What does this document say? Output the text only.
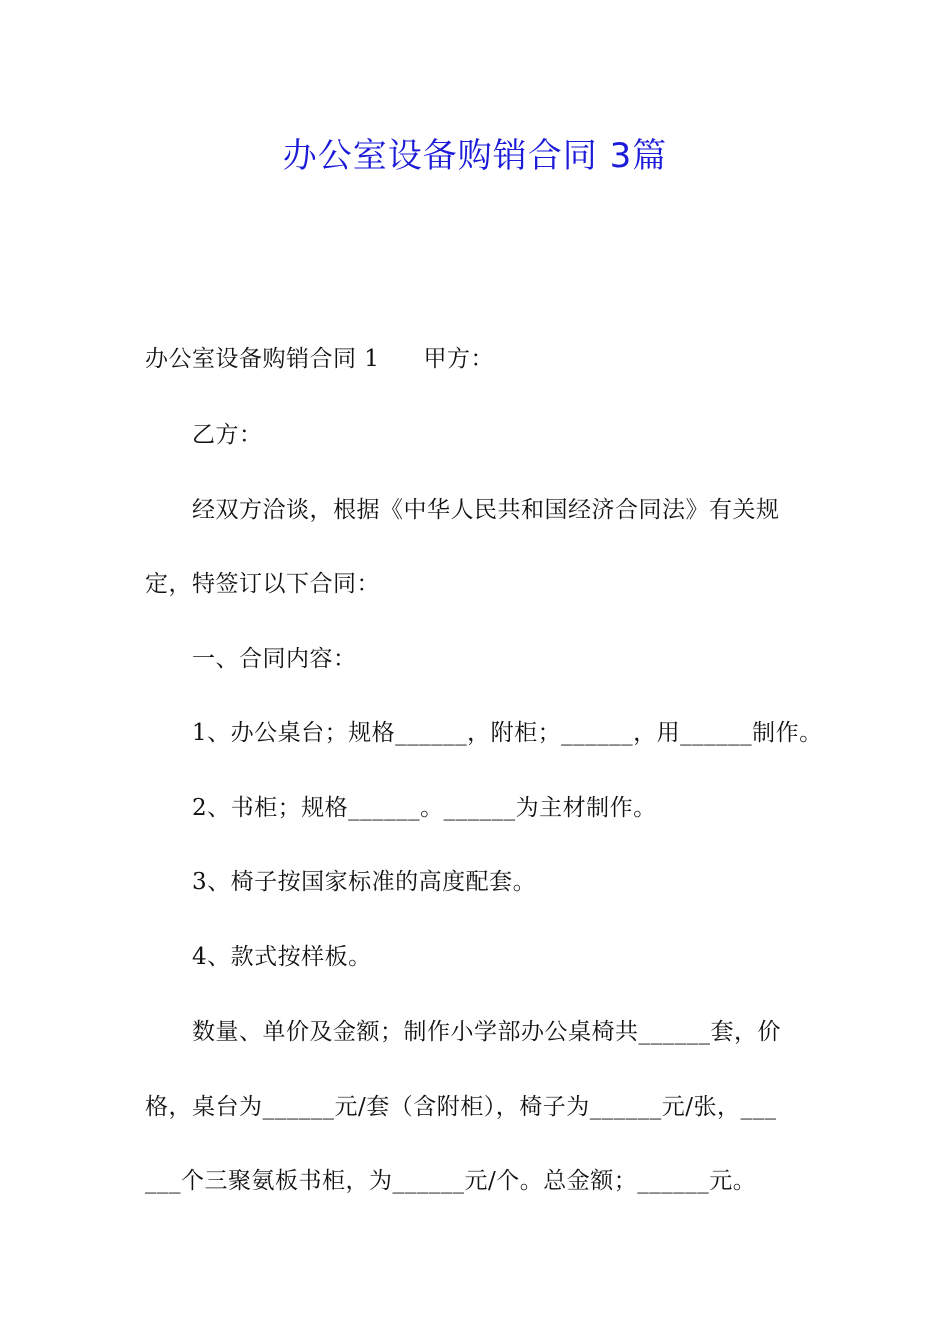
办公室设备购销合同 3篇
办公室设备购销合同 1 甲方：
乙方：
经双方洽谈，根据《中华人民共和国经济合同法》有关规
定，特签订以下合同：
一、合同内容：
1、办公桌台；规格______，附柜；______，用______制作。
2、书柜；规格______。______为主材制作。
3、椅子按国家标准的高度配套。
4、款式按样板。
数量、单价及金额；制作小学部办公桌椅共______套，价
格，桌台为______元/套（含附柜），椅子为______元/张，___
___个三聚氨板书柜，为______元/个。总金额；______元。
